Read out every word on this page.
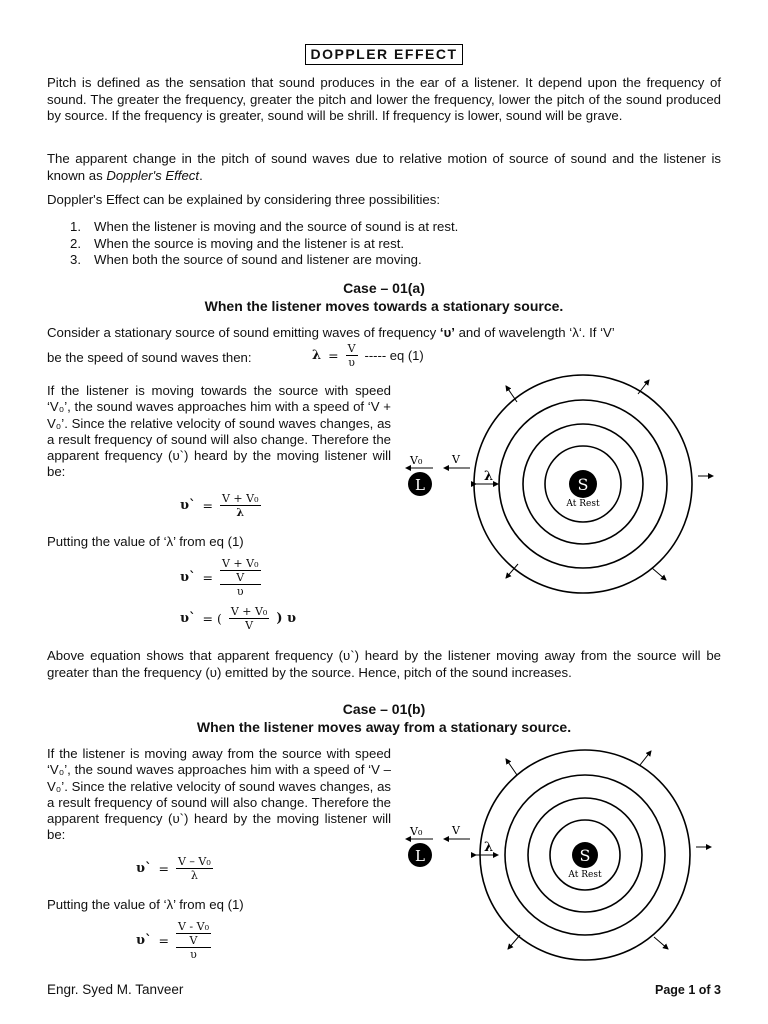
DOPPLER EFFECT

Pitch is defined as the sensation that sound produces in the ear of a listener. It depend upon the frequency of sound. The greater the frequency, greater the pitch and lower the frequency, lower the pitch of the sound produced by source. If the frequency is greater, sound will be shrill. If frequency is lower, sound will be grave.

The apparent change in the pitch of sound waves due to relative motion of source of sound and the listener is known as Doppler's Effect.

Doppler's Effect can be explained by considering three possibilities:

1. When the listener is moving and the source of sound is at rest.
2. When the source is moving and the listener is at rest.
3. When both the source of sound and listener are moving.
Case – 01(a)
When the listener moves towards a stationary source.

Consider a stationary source of sound emitting waves of frequency ‘υ’ and of wavelength ‘λ‘. If ‘V’

be the speed of sound waves then:	$\lambda = \frac{V}{\upsilon}$ ----- eq (1)

If the listener is moving towards the source with speed ‘V₀’, the sound waves approaches him with a speed of ‘V + V₀’. Since the relative velocity of sound waves changes, as a result frequency of sound will also change. Therefore the apparent frequency (υ`) heard by the moving listener will be:

υ` = $\frac{\text{V + V₀}}{\lambda}$
Putting the value of ‘λ’ from eq (1)
υ` =
V + V₀
V
υ
υ` = ( $\frac{\text{V + V₀}}{V}$ ) υ

Above equation shows that apparent frequency (υ`) heard by the listener moving away from the source will be greater than the frequency (υ) emitted by the source. Hence, pitch of the sound increases.

Case – 01(b)
When the listener moves away from a stationary source.

If the listener is moving away from the source with speed ‘V₀’, the sound waves approaches him with a speed of ‘V – V₀’. Since the relative velocity of sound waves changes, as a result frequency of sound will also change. Therefore the apparent frequency (υ`) heard by the moving listener will be:

υ` = $\frac{\text{V – V₀}}{\lambda}$
Putting the value of ‘λ’ from eq (1)
υ` =
V - V₀
V
υ
S
At Rest
L
V₀	V
λ
S
At Rest
L
V₀	V
λ
Engr. Syed M. Tanveer	Page 1 of 3
